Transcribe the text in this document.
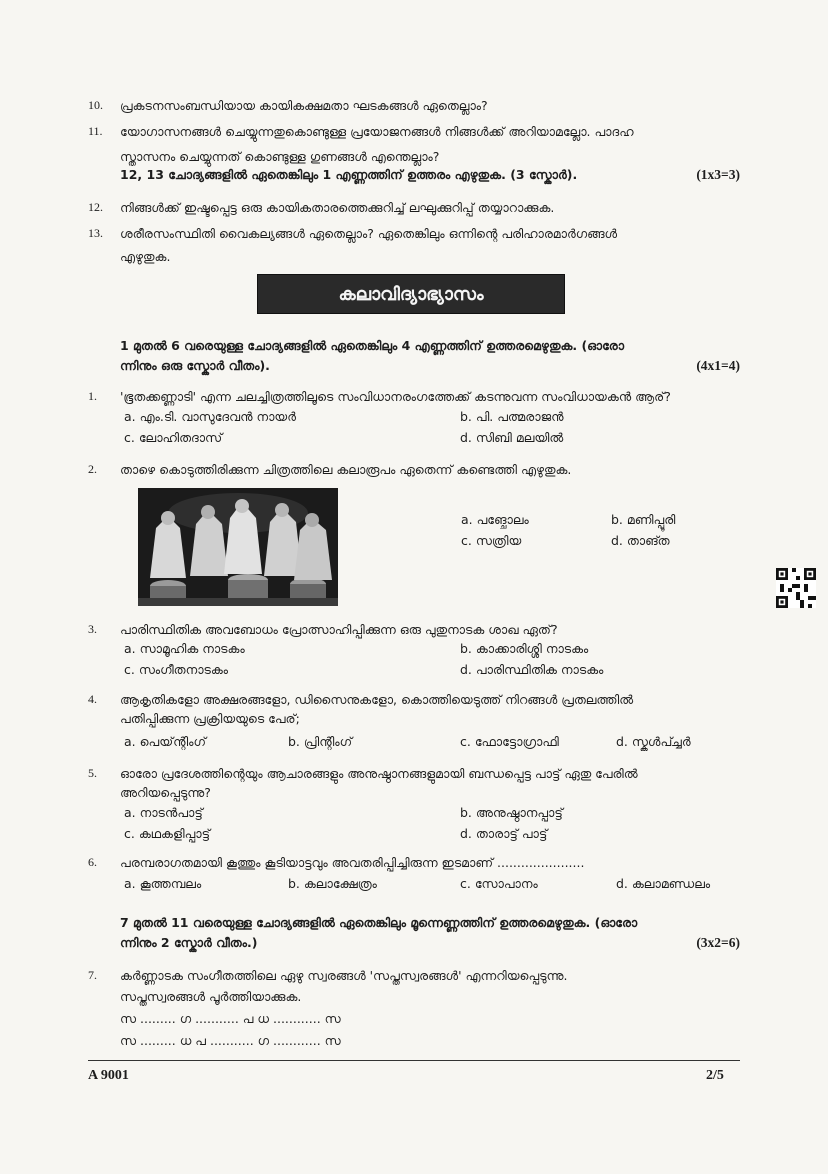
10.	പ്രകടനസംബന്ധിയായ കായികക്ഷമതാ ഘടകങ്ങൾ ഏതെല്ലാം?
11.	യോഗാസനങ്ങൾ ചെയ്യുന്നതുകൊണ്ടുള്ള പ്രയോജനങ്ങൾ നിങ്ങൾക്ക് അറിയാമല്ലോ. പാദഹ
സ്താസനം ചെയ്യുന്നത് കൊണ്ടുള്ള ഗുണങ്ങൾ എന്തെല്ലാം?
12, 13 ചോദ്യങ്ങളിൽ ഏതെങ്കിലും 1 എണ്ണത്തിന് ഉത്തരം എഴുതുക. (3 സ്കോർ).	(1x3=3)
12.	നിങ്ങൾക്ക് ഇഷ്ടപ്പെട്ട ഒരു കായികതാരത്തെക്കുറിച്ച് ലഘുക്കുറിപ്പ് തയ്യാറാക്കുക.
13.	ശരീരസംസ്ഥിതി വൈകല്യങ്ങൾ ഏതെല്ലാം? ഏതെങ്കിലും ഒന്നിന്റെ പരിഹാരമാർഗങ്ങൾ
എഴുതുക.
കലാവിദ്യാഭ്യാസം
1 മുതൽ 6 വരെയുള്ള ചോദ്യങ്ങളിൽ ഏതെങ്കിലും 4 എണ്ണത്തിന് ഉത്തരമെഴുതുക. (ഓരോ
ന്നിനും ഒരു സ്കോർ വീതം).	(4x1=4)
1.	'ഭൂതക്കണ്ണാടി' എന്ന ചലച്ചിത്രത്തിലൂടെ സംവിധാനരംഗത്തേക്ക് കടന്നുവന്ന സംവിധായകൻ ആര്?
a. എം.ടി. വാസുദേവൻ നായർ	b. പി. പത്മരാജൻ
c. ലോഹിതദാസ്	d. സിബി മലയിൽ
2.	താഴെ കൊടുത്തിരിക്കുന്ന ചിത്രത്തിലെ കലാരൂപം ഏതെന്ന് കണ്ടെത്തി എഴുതുക.
a. പങ്ചോലം	b. മണിപ്പൂരി
c. സത്രിയ	d. താങ്ത
3.	പാരിസ്ഥിതിക അവബോധം പ്രോത്സാഹിപ്പിക്കുന്ന ഒരു പുതുനാടക ശാഖ ഏത്?
a. സാമൂഹിക നാടകം	b. കാക്കാരിശ്ശി നാടകം
c. സംഗീതനാടകം	d. പാരിസ്ഥിതിക നാടകം
4.	ആകൃതികളോ അക്ഷരങ്ങളോ, ഡിസൈനുകളോ, കൊത്തിയെടുത്ത് നിറങ്ങൾ പ്രതലത്തിൽ
പതിപ്പിക്കുന്ന പ്രക്രിയയുടെ പേര്;
a. പെയ്ന്റിംഗ്	b. പ്രിന്റിംഗ്	c. ഫോട്ടോഗ്രാഫി	d. സ്കൾപ്ച്ചർ
5.	ഓരോ പ്രദേശത്തിന്റെയും ആചാരങ്ങളും അനുഷ്ഠാനങ്ങളുമായി ബന്ധപ്പെട്ട പാട്ട് ഏതു പേരിൽ
അറിയപ്പെടുന്നു?
a. നാടൻപാട്ട്	b. അനുഷ്ഠാനപ്പാട്ട്
c. കഥകളിപ്പാട്ട്	d. താരാട്ട് പാട്ട്
6.	പരമ്പരാഗതമായി കൂത്തും കൂടിയാട്ടവും അവതരിപ്പിച്ചിരുന്ന ഇടമാണ് ......................
a. കൂത്തമ്പലം	b. കലാക്ഷേത്രം	c. സോപാനം	d. കലാമണ്ഡലം
7 മുതൽ 11 വരെയുള്ള ചോദ്യങ്ങളിൽ ഏതെങ്കിലും മൂന്നെണ്ണത്തിന് ഉത്തരമെഴുതുക. (ഓരോ
ന്നിനും 2 സ്കോർ വീതം.)	(3x2=6)
7.	കർണ്ണാടക സംഗീതത്തിലെ ഏഴു സ്വരങ്ങൾ 'സപ്തസ്വരങ്ങൾ' എന്നറിയപ്പെടുന്നു.
സപ്തസ്വരങ്ങൾ പൂർത്തിയാക്കുക.
സ ......... ഗ ........... പ ധ ............ സ
സ ......... ധ പ ........... ഗ ............ സ
A 9001	2/5
